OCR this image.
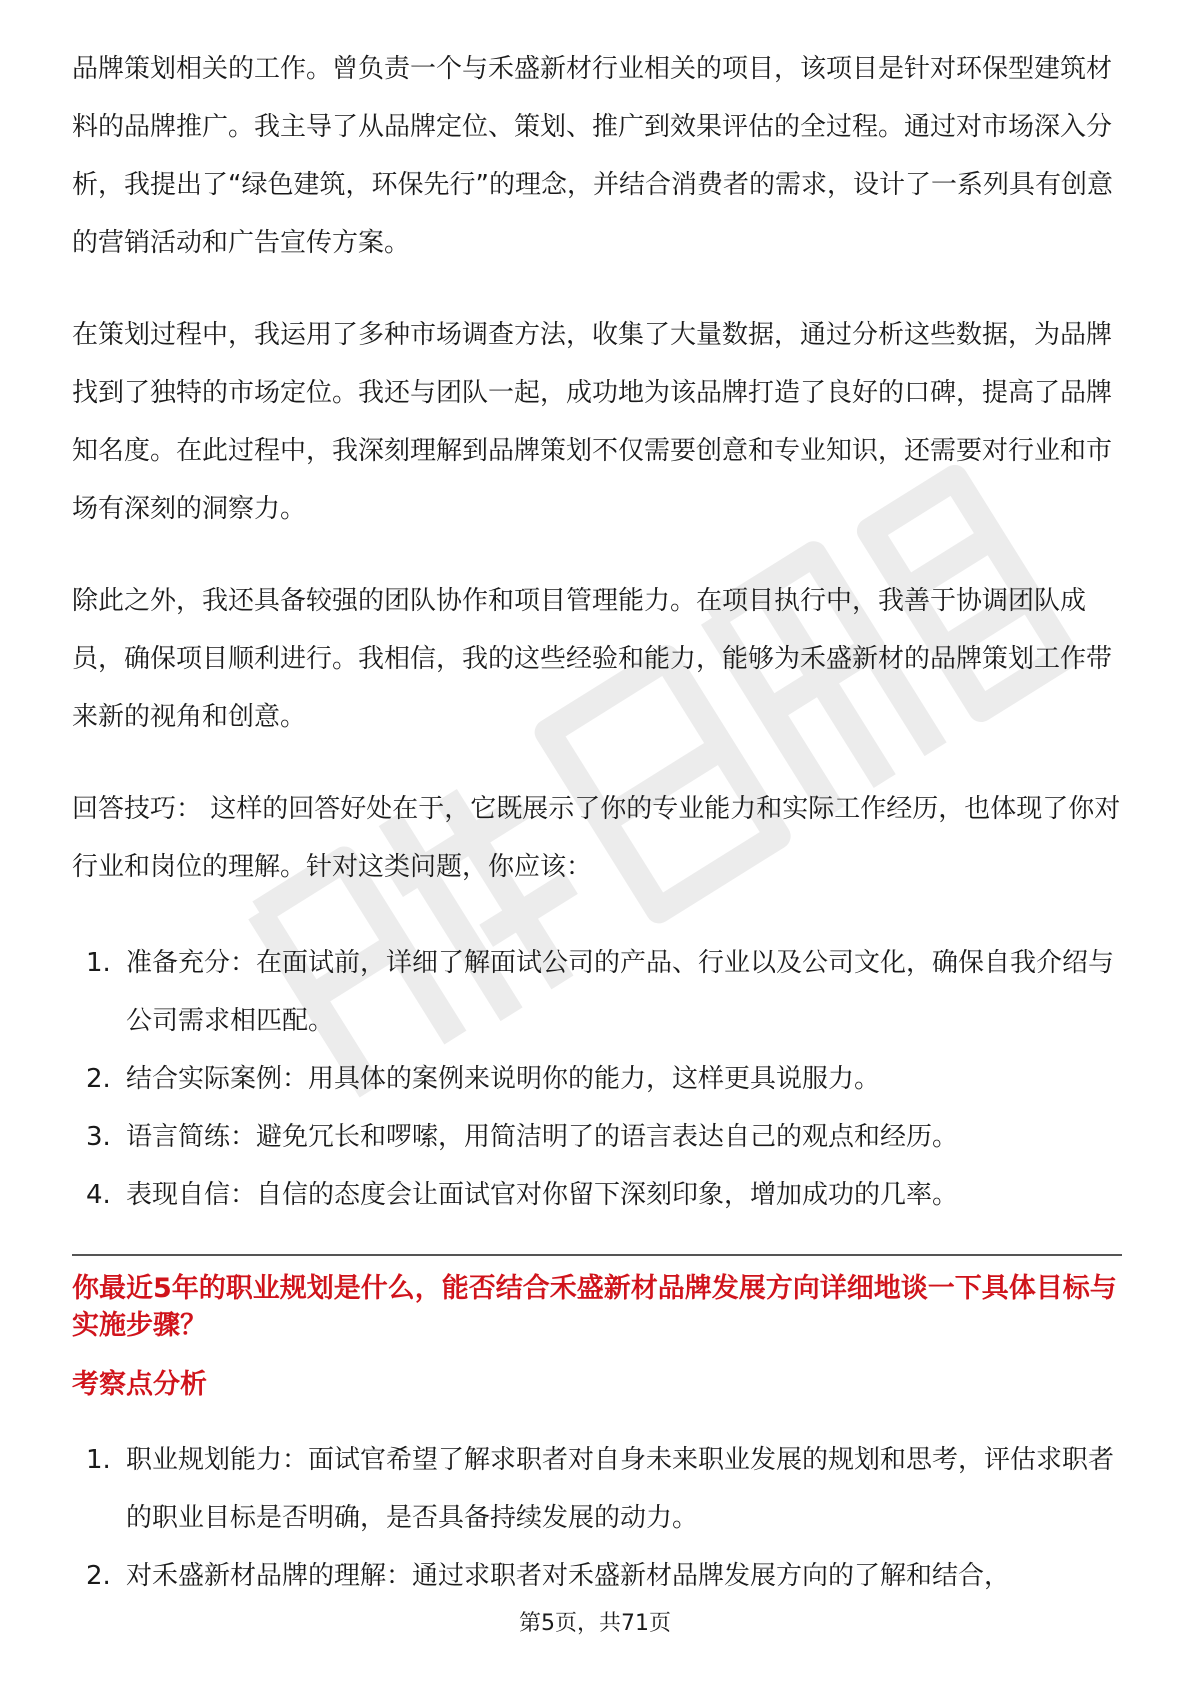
品牌策划相关的工作。曾负责一个与禾盛新材行业相关的项目，该项目是针对环保型建筑材料的品牌推广。我主导了从品牌定位、策划、推广到效果评估的全过程。通过对市场深入分析，我提出了“绿色建筑，环保先行”的理念，并结合消费者的需求，设计了一系列具有创意的营销活动和广告宣传方案。

在策划过程中，我运用了多种市场调查方法，收集了大量数据，通过分析这些数据，为品牌找到了独特的市场定位。我还与团队一起，成功地为该品牌打造了良好的口碑，提高了品牌知名度。在此过程中，我深刻理解到品牌策划不仅需要创意和专业知识，还需要对行业和市场有深刻的洞察力。

除此之外，我还具备较强的团队协作和项目管理能力。在项目执行中，我善于协调团队成员，确保项目顺利进行。我相信，我的这些经验和能力，能够为禾盛新材的品牌策划工作带来新的视角和创意。

回答技巧： 这样的回答好处在于，它既展示了你的专业能力和实际工作经历，也体现了你对行业和岗位的理解。针对这类问题，你应该：

1. 准备充分：在面试前，详细了解面试公司的产品、行业以及公司文化，确保自我介绍与公司需求相匹配。
2. 结合实际案例：用具体的案例来说明你的能力，这样更具说服力。
3. 语言简练：避免冗长和啰嗦，用简洁明了的语言表达自己的观点和经历。
4. 表现自信：自信的态度会让面试官对你留下深刻印象，增加成功的几率。

你最近5年的职业规划是什么，能否结合禾盛新材品牌发展方向详细地谈一下具体目标与实施步骤？

考察点分析

1. 职业规划能力：面试官希望了解求职者对自身未来职业发展的规划和思考，评估求职者的职业目标是否明确，是否具备持续发展的动力。
2. 对禾盛新材品牌的理解：通过求职者对禾盛新材品牌发展方向的了解和结合，
第5页，共71页
